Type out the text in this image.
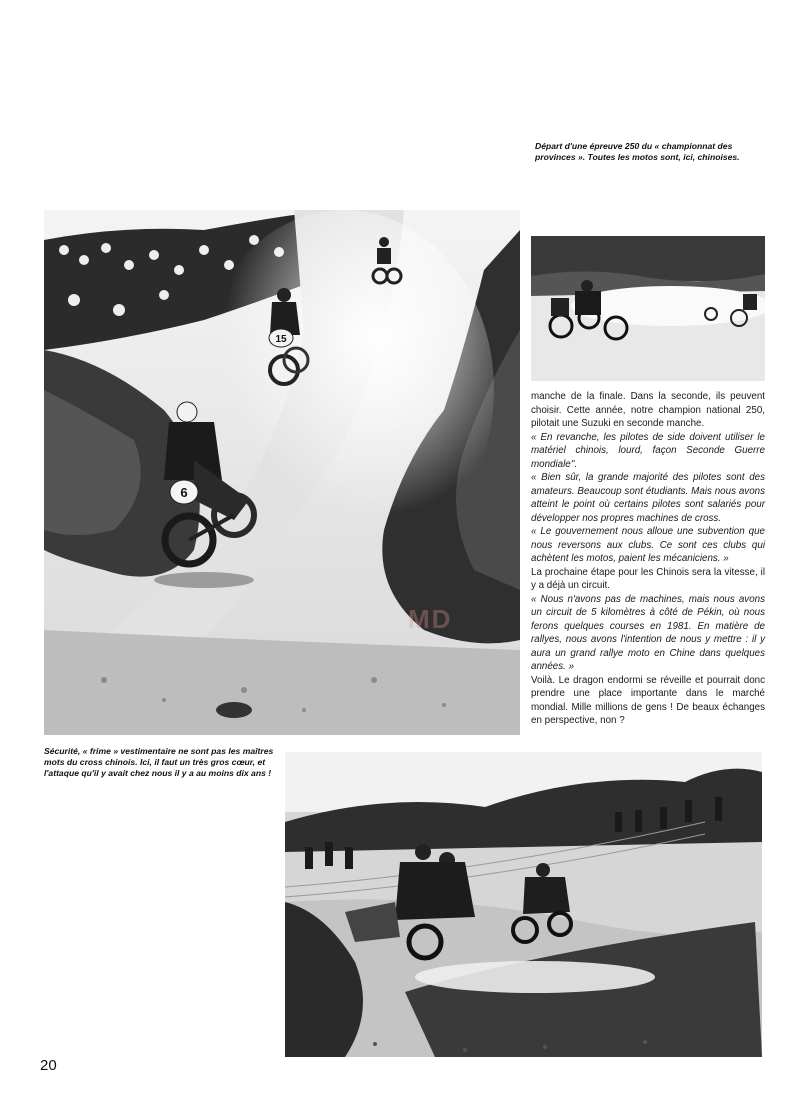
Départ d'une épreuve 250 du « championnat des provinces ». Toutes les motos sont, ici, chinoises.
15
6

manche de la finale. Dans la seconde, ils peuvent choisir. Cette année, notre champion national 250, pilotait une Suzuki en seconde manche.

« En revanche, les pilotes de side doivent utiliser le matériel chinois, lourd, façon Seconde Guerre mondiale''.

« Bien sûr, la grande majorité des pilotes sont des amateurs. Beaucoup sont étudiants. Mais nous avons atteint le point où certains pilotes sont salariés pour développer nos propres machines de cross.

« Le gouvernement nous alloue une subvention que nous reversons aux clubs. Ce sont ces clubs qui achètent les motos, paient les mécaniciens. »

La prochaine étape pour les Chinois sera la vitesse, il y a déjà un circuit.

« Nous n'avons pas de machines, mais nous avons un circuit de 5 kilomètres à côté de Pékin, où nous ferons quelques courses en 1981. En matière de rallyes, nous avons l'intention de nous y mettre : il y aura un grand rallye moto en Chine dans quelques années. »

Voilà. Le dragon endormi se réveille et pourrait donc prendre une place importante dans le marché mondial. Mille millions de gens ! De beaux échanges en perspective, non ?

MD
Sécurité, « frime » vestimentaire ne sont pas les maîtres mots du cross chinois. Ici, il faut un très gros cœur, et l'attaque qu'il y avait chez nous il y a au moins dix ans !
20
